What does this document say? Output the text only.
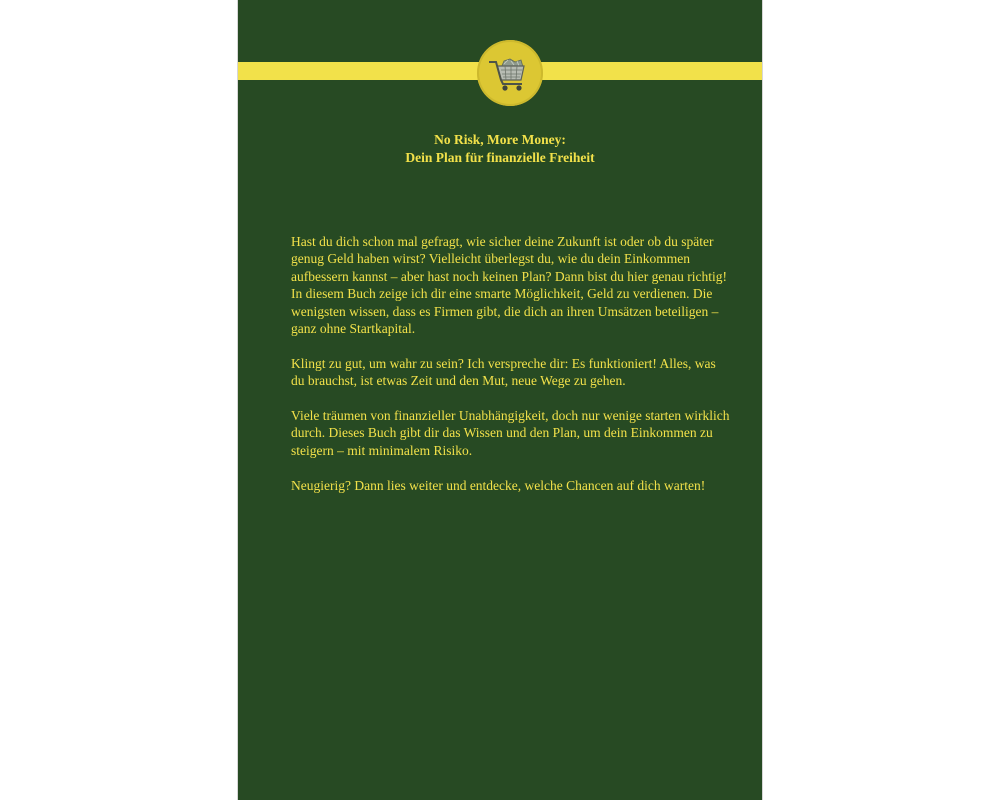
No Risk, More Money:
Dein Plan für finanzielle Freiheit

Hast du dich schon mal gefragt, wie sicher deine Zukunft ist oder ob du später genug Geld haben wirst? Vielleicht überlegst du, wie du dein Einkommen aufbessern kannst – aber hast noch keinen Plan? Dann bist du hier genau richtig! In diesem Buch zeige ich dir eine smarte Möglichkeit, Geld zu verdienen. Die wenigsten wissen, dass es Firmen gibt, die dich an ihren Umsätzen beteiligen – ganz ohne Startkapital.

Klingt zu gut, um wahr zu sein? Ich verspreche dir: Es funktioniert! Alles, was du brauchst, ist etwas Zeit und den Mut, neue Wege zu gehen.

Viele träumen von finanzieller Unabhängigkeit, doch nur wenige starten wirklich durch. Dieses Buch gibt dir das Wissen und den Plan, um dein Einkommen zu steigern – mit minimalem Risiko.

Neugierig? Dann lies weiter und entdecke, welche Chancen auf dich warten!
